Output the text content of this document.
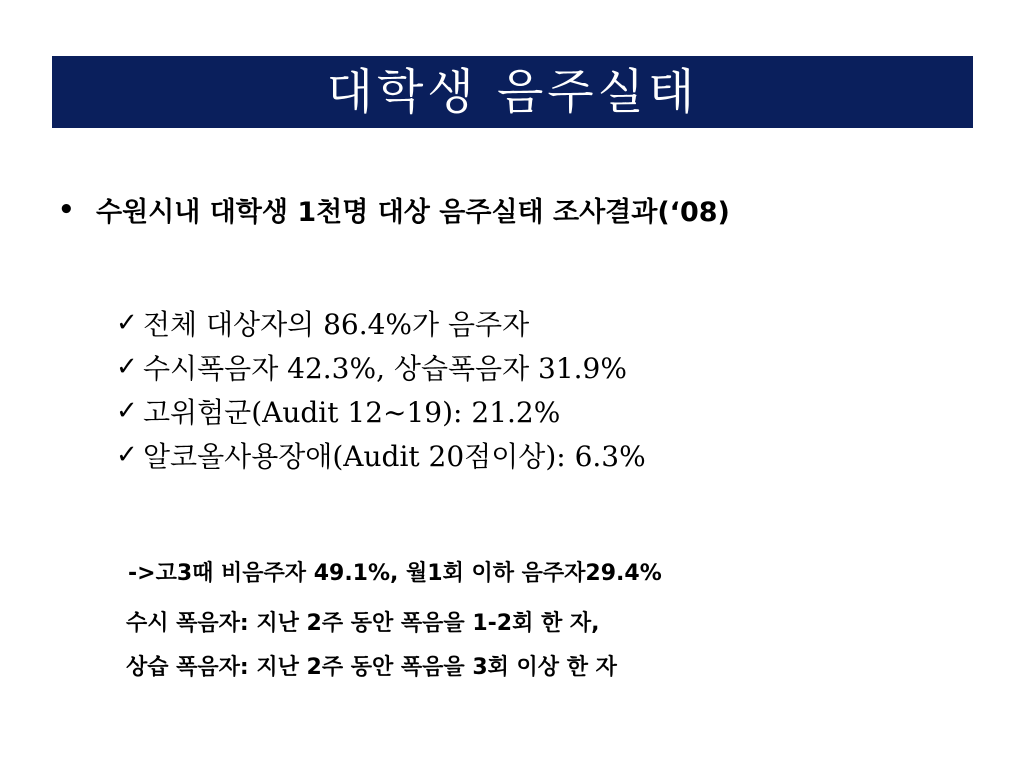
대학생 음주실태
• 수원시내 대학생 1천명 대상 음주실태 조사결과(‘08)
✓ 전체 대상자의 86.4%가 음주자
✓ 수시폭음자 42.3%, 상습폭음자 31.9%
✓ 고위험군(Audit 12~19): 21.2%
✓ 알코올사용장애(Audit 20점이상): 6.3%
->고3때 비음주자 49.1%, 월1회 이하 음주자29.4%
수시 폭음자: 지난 2주 동안 폭음을 1-2회 한 자,
상습 폭음자: 지난 2주 동안 폭음을 3회 이상 한 자
